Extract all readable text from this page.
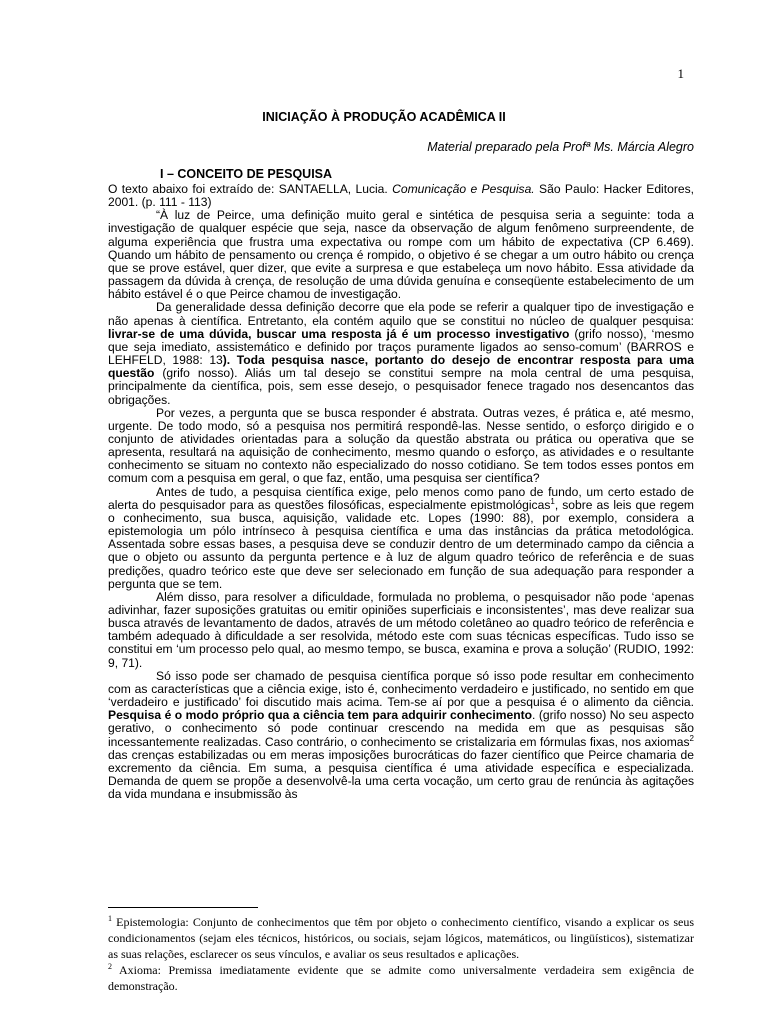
1
INICIAÇÃO À PRODUÇÃO ACADÊMICA II
Material preparado pela Profª Ms. Márcia Alegro
I – CONCEITO DE PESQUISA

O texto abaixo foi extraído de: SANTAELLA, Lucia. Comunicação e Pesquisa. São Paulo: Hacker Editores, 2001. (p. 111 - 113)

“À luz de Peirce, uma definição muito geral e sintética de pesquisa seria a seguinte: toda a investigação de qualquer espécie que seja, nasce da observação de algum fenômeno surpreendente, de alguma experiência que frustra uma expectativa ou rompe com um hábito de expectativa (CP 6.469). Quando um hábito de pensamento ou crença é rompido, o objetivo é se chegar a um outro hábito ou crença que se prove estável, quer dizer, que evite a surpresa e que estabeleça um novo hábito. Essa atividade da passagem da dúvida à crença, de resolução de uma dúvida genuína e conseqüente estabelecimento de um hábito estável é o que Peirce chamou de investigação.

Da generalidade dessa definição decorre que ela pode se referir a qualquer tipo de investigação e não apenas à científica. Entretanto, ela contém aquilo que se constitui no núcleo de qualquer pesquisa: livrar-se de uma dúvida, buscar uma resposta já é um processo investigativo (grifo nosso), ‘mesmo que seja imediato, assistemático e definido por traços puramente ligados ao senso-comum’ (BARROS e LEHFELD, 1988: 13). Toda pesquisa nasce, portanto do desejo de encontrar resposta para uma questão (grifo nosso). Aliás um tal desejo se constitui sempre na mola central de uma pesquisa, principalmente da científica, pois, sem esse desejo, o pesquisador fenece tragado nos desencantos das obrigações.

Por vezes, a pergunta que se busca responder é abstrata. Outras vezes, é prática e, até mesmo, urgente. De todo modo, só a pesquisa nos permitirá respondê-las. Nesse sentido, o esforço dirigido e o conjunto de atividades orientadas para a solução da questão abstrata ou prática ou operativa que se apresenta, resultará na aquisição de conhecimento, mesmo quando o esforço, as atividades e o resultante conhecimento se situam no contexto não especializado do nosso cotidiano. Se tem todos esses pontos em comum com a pesquisa em geral, o que faz, então, uma pesquisa ser científica?

Antes de tudo, a pesquisa científica exige, pelo menos como pano de fundo, um certo estado de alerta do pesquisador para as questões filosóficas, especialmente epistmológicas$^1$, sobre as leis que regem o conhecimento, sua busca, aquisição, validade etc. Lopes (1990: 88), por exemplo, considera a epistemologia um pólo intrínseco à pesquisa científica e uma das instâncias da prática metodológica. Assentada sobre essas bases, a pesquisa deve se conduzir dentro de um determinado campo da ciência a que o objeto ou assunto da pergunta pertence e à luz de algum quadro teórico de referência e de suas predições, quadro teórico este que deve ser selecionado em função de sua adequação para responder a pergunta que se tem.

Além disso, para resolver a dificuldade, formulada no problema, o pesquisador não pode ‘apenas adivinhar, fazer suposições gratuitas ou emitir opiniões superficiais e inconsistentes’, mas deve realizar sua busca através de levantamento de dados, através de um método coletâneo ao quadro teórico de referência e também adequado à dificuldade a ser resolvida, método este com suas técnicas específicas. Tudo isso se constitui em ‘um processo pelo qual, ao mesmo tempo, se busca, examina e prova a solução’ (RUDIO, 1992: 9, 71).

Só isso pode ser chamado de pesquisa científica porque só isso pode resultar em conhecimento com as características que a ciência exige, isto é, conhecimento verdadeiro e justificado, no sentido em que ‘verdadeiro e justificado’ foi discutido mais acima. Tem-se aí por que a pesquisa é o alimento da ciência. Pesquisa é o modo próprio qua a ciência tem para adquirir conhecimento. (grifo nosso) No seu aspecto gerativo, o conhecimento só pode continuar crescendo na medida em que as pesquisas são incessantemente realizadas. Caso contrário, o conhecimento se cristalizaria em fórmulas fixas, nos axiomas$^2$ das crenças estabilizadas ou em meras imposições burocráticas do fazer científico que Peirce chamaria de excremento da ciência. Em suma, a pesquisa científica é uma atividade específica e especializada. Demanda de quem se propõe a desenvolvê-la uma certa vocação, um certo grau de renúncia às agitações da vida mundana e insubmissão às

$^1$ Epistemologia: Conjunto de conhecimentos que têm por objeto o conhecimento científico, visando a explicar os seus condicionamentos (sejam eles técnicos, históricos, ou sociais, sejam lógicos, matemáticos, ou lingüísticos), sistematizar as suas relações, esclarecer os seus vínculos, e avaliar os seus resultados e aplicações.

$^2$ Axioma: Premissa imediatamente evidente que se admite como universalmente verdadeira sem exigência de demonstração.
